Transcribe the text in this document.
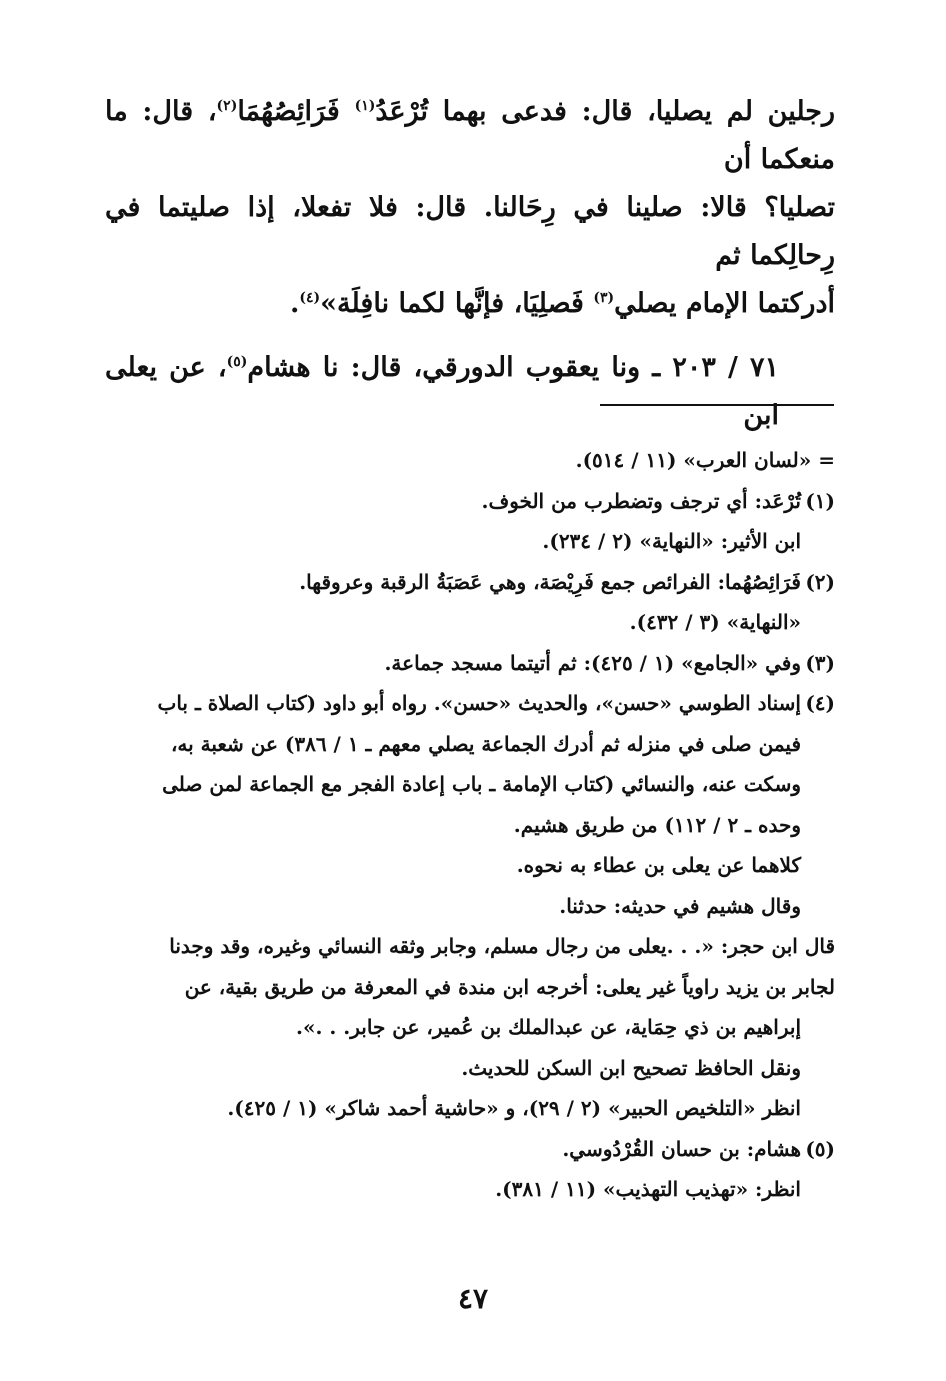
رجلين لم يصليا، قال: فدعى بهما تُرْعَدُ$^{(١)}$ فَرَائِصُهُمَا$^{(٢)}$، قال: ما منعكما أن

تصليا؟ قالا: صلينا في رِحَالنا. قال: فلا تفعلا، إذا صليتما في رِحالِكما ثم

أدركتما الإمام يصلي$^{(٣)}$ فَصلِيَا، فإنَّها لكما نافِلَة»$^{(٤)}$.

٧١ / ٢٠٣ ـ ونا يعقوب الدورقي، قال: نا هشام$^{(٥)}$، عن يعلى ابن

= «لسان العرب» (١١ / ٥١٤).
(١)
تُرْعَد: أي ترجف وتضطرب من الخوف.
ابن الأثير: «النهاية» (٢ / ٢٣٤).
(٢)
فَرَائِصُهُما: الفرائص جمع فَرِيْصَة، وهي عَصَبَةُ الرقبة وعروقها.
«النهاية» (٣ / ٤٣٢).
(٣)
وفي «الجامع» (١ / ٤٢٥): ثم أتيتما مسجد جماعة.
(٤)
إسناد الطوسي «حسن»، والحديث «حسن». رواه أبو داود (كتاب الصلاة ـ باب
فيمن صلى في منزله ثم أدرك الجماعة يصلي معهم ـ ١ / ٣٨٦) عن شعبة به،
وسكت عنه، والنسائي (كتاب الإمامة ـ باب إعادة الفجر مع الجماعة لمن صلى
وحده ـ ٢ / ١١٢) من طريق هشيم.
كلاهما عن يعلى بن عطاء به نحوه.
وقال هشيم في حديثه: حدثنا.
قال ابن حجر: «. . .يعلى من رجال مسلم، وجابر وثقه النسائي وغيره، وقد وجدنا
لجابر بن يزيد راوياً غير يعلى: أخرجه ابن مندة في المعرفة من طريق بقية، عن
إبراهيم بن ذي حِمَاية، عن عبدالملك بن عُمير، عن جابر. . .».
ونقل الحافظ تصحيح ابن السكن للحديث.
انظر «التلخيص الحبير» (٢ / ٢٩)، و «حاشية أحمد شاكر» (١ / ٤٢٥).
(٥)
هشام: بن حسان القُرْدُوسي.
انظر: «تهذيب التهذيب» (١١ / ٣٨١).
٤٧
